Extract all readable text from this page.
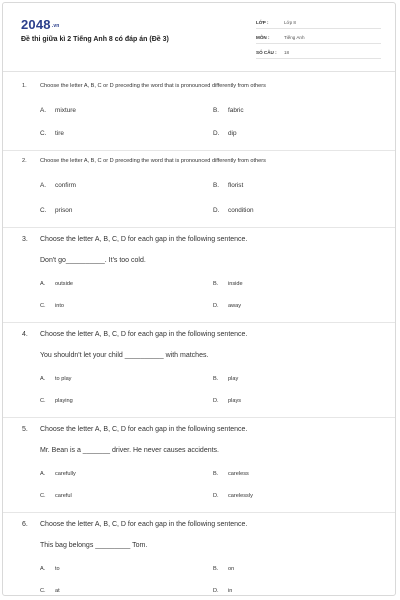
2048.vn
Đề thi giữa kì 2 Tiếng Anh 8 có đáp án (Đề 3)
LỚP :	Lớp 8
MÔN :	Tiếng Anh
SỐ CÂU :	18
1.	Choose the letter A, B, C or D preceding the word that is pronounced differently from others
A.	mixture	B.	fabric
C.	tire	D.	dip
2.	Choose the letter A, B, C or D preceding the word that is pronounced differently from others
A.	confirm	B.	florist
C.	prison	D.	condition
3.	Choose the letter A, B, C, D for each gap in the following sentence.
Don't go__________. It's too cold.
A.	outside	B.	inside
C.	into	D.	away
4.	Choose the letter A, B, C, D for each gap in the following sentence.
You shouldn't let your child __________ with matches.
A.	to play	B.	play
C.	playing	D.	plays
5.	Choose the letter A, B, C, D for each gap in the following sentence.
Mr. Bean is a _______ driver. He never causes accidents.
A.	carefully	B.	careless
C.	careful	D.	carelessly
6.	Choose the letter A, B, C, D for each gap in the following sentence.
This bag belongs _________ Tom.
A.	to	B.	on
C.	at	D.	in
